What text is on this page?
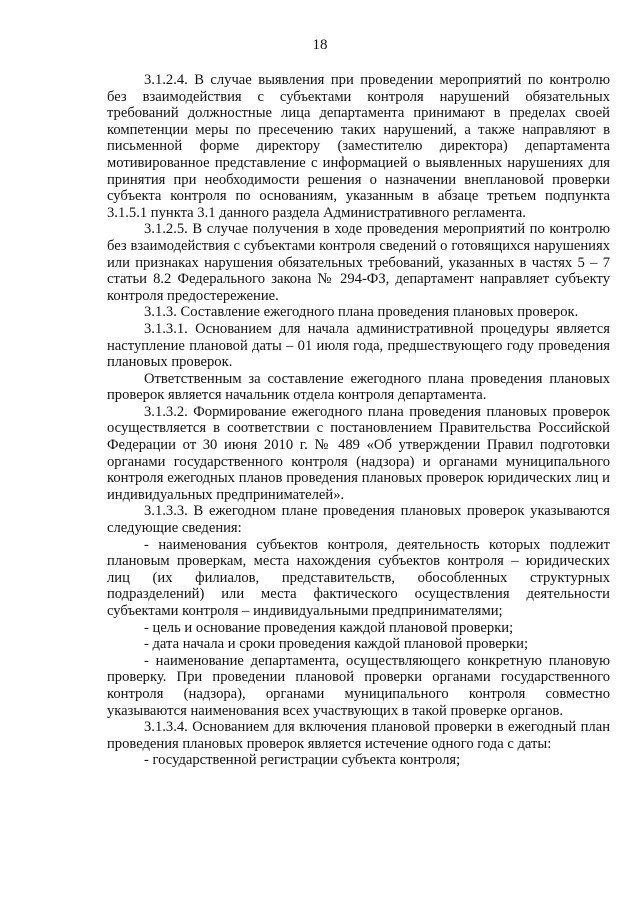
18

3.1.2.4. В случае выявления при проведении мероприятий по контролю без взаимодействия с субъектами контроля нарушений обязательных требований должностные лица департамента принимают в пределах своей компетенции меры по пресечению таких нарушений, а также направляют в письменной форме директору (заместителю директора) департамента мотивированное представление с информацией о выявленных нарушениях для принятия при необходимости решения о назначении внеплановой проверки субъекта контроля по основаниям, указанным в абзаце третьем подпункта 3.1.5.1 пункта 3.1 данного раздела Административного регламента.

3.1.2.5. В случае получения в ходе проведения мероприятий по контролю без взаимодействия с субъектами контроля сведений о готовящихся нарушениях или признаках нарушения обязательных требований, указанных в частях 5 – 7 статьи 8.2 Федерального закона № 294-ФЗ, департамент направляет субъекту контроля предостережение.

3.1.3. Составление ежегодного плана проведения плановых проверок.

3.1.3.1. Основанием для начала административной процедуры является наступление плановой даты – 01 июля года, предшествующего году проведения плановых проверок.

Ответственным за составление ежегодного плана проведения плановых проверок является начальник отдела контроля департамента.

3.1.3.2. Формирование ежегодного плана проведения плановых проверок осуществляется в соответствии с постановлением Правительства Российской Федерации от 30 июня 2010 г. № 489 «Об утверждении Правил подготовки органами государственного контроля (надзора) и органами муниципального контроля ежегодных планов проведения плановых проверок юридических лиц и индивидуальных предпринимателей».

3.1.3.3. В ежегодном плане проведения плановых проверок указываются следующие сведения:

- наименования субъектов контроля, деятельность которых подлежит плановым проверкам, места нахождения субъектов контроля – юридических лиц (их филиалов, представительств, обособленных структурных подразделений) или места фактического осуществления деятельности субъектами контроля – индивидуальными предпринимателями;

- цель и основание проведения каждой плановой проверки;

- дата начала и сроки проведения каждой плановой проверки;

- наименование департамента, осуществляющего конкретную плановую проверку. При проведении плановой проверки органами государственного контроля (надзора), органами муниципального контроля совместно указываются наименования всех участвующих в такой проверке органов.

3.1.3.4. Основанием для включения плановой проверки в ежегодный план проведения плановых проверок является истечение одного года с даты:

- государственной регистрации субъекта контроля;
